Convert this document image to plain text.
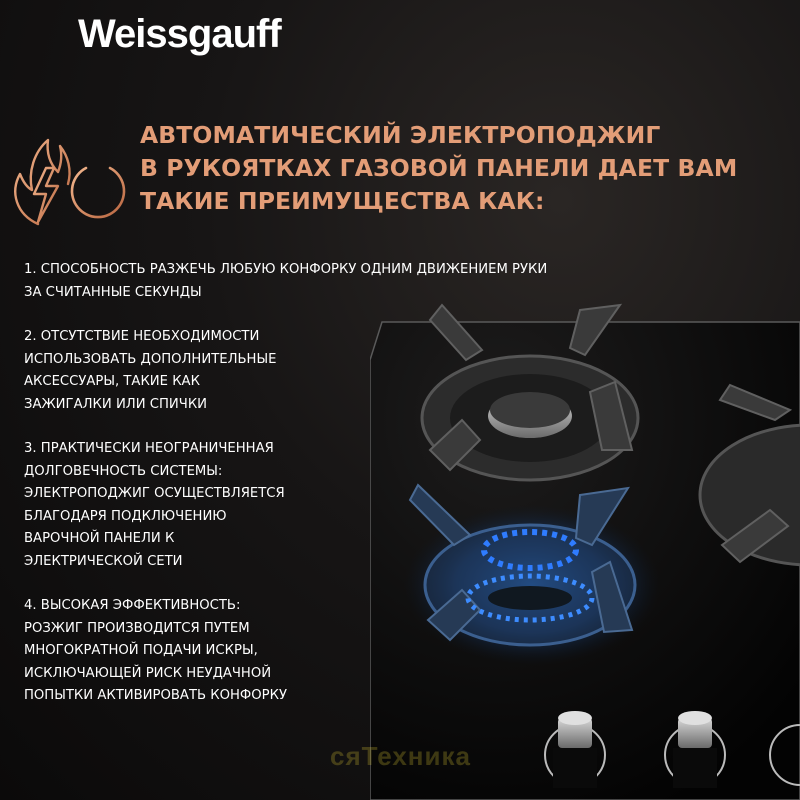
Weissgauff
АВТОМАТИЧЕСКИЙ ЭЛЕКТРОПОДЖИГ
В РУКОЯТКАХ ГАЗОВОЙ ПАНЕЛИ ДАЕТ ВАМ
ТАКИЕ ПРЕИМУЩЕСТВА КАК:
1. СПОСОБНОСТЬ РАЗЖЕЧЬ ЛЮБУЮ КОНФОРКУ ОДНИМ ДВИЖЕНИЕМ РУКИ
ЗА СЧИТАННЫЕ СЕКУНДЫ
2. ОТСУТСТВИЕ НЕОБХОДИМОСТИ
ИСПОЛЬЗОВАТЬ ДОПОЛНИТЕЛЬНЫЕ
АКСЕССУАРЫ, ТАКИЕ КАК
ЗАЖИГАЛКИ ИЛИ СПИЧКИ
3. ПРАКТИЧЕСКИ НЕОГРАНИЧЕННАЯ
ДОЛГОВЕЧНОСТЬ СИСТЕМЫ:
ЭЛЕКТРОПОДЖИГ ОСУЩЕСТВЛЯЕТСЯ
БЛАГОДАРЯ ПОДКЛЮЧЕНИЮ
ВАРОЧНОЙ ПАНЕЛИ К
ЭЛЕКТРИЧЕСКОЙ СЕТИ
4. ВЫСОКАЯ ЭФФЕКТИВНОСТЬ:
РОЗЖИГ ПРОИЗВОДИТСЯ ПУТЕМ
МНОГОКРАТНОЙ ПОДАЧИ ИСКРЫ,
ИСКЛЮЧАЮЩЕЙ РИСК НЕУДАЧНОЙ
ПОПЫТКИ АКТИВИРОВАТЬ КОНФОРКУ
сяТехника
